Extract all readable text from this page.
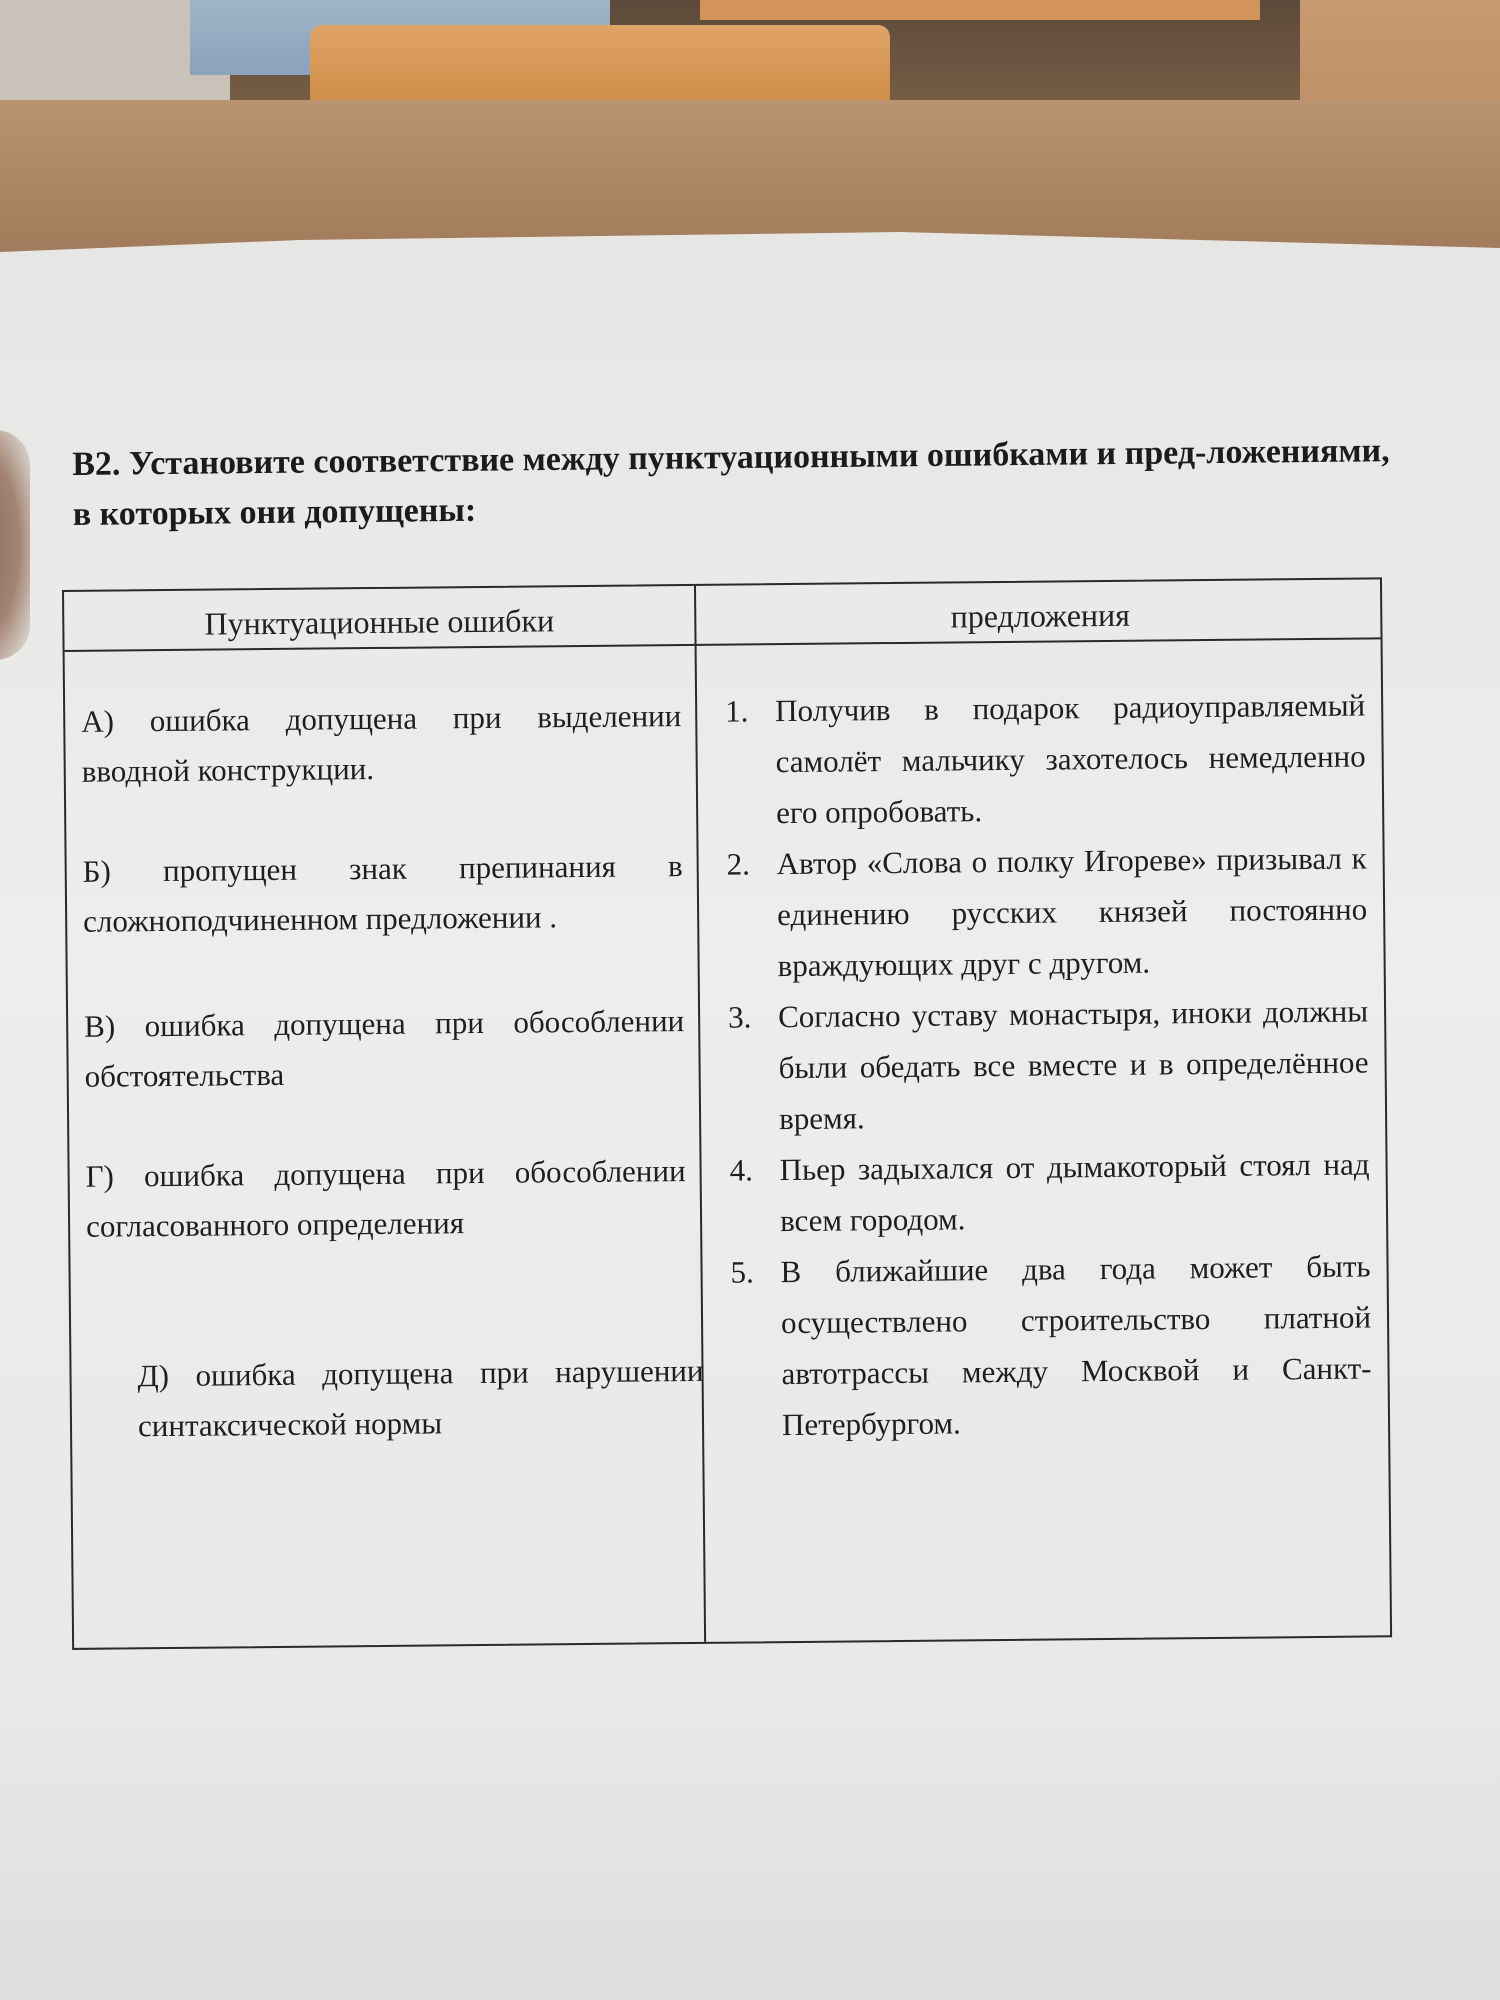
B2. Установите соответствие между пунктуационными ошибками и пред-ложениями, в которых они допущены:
Пунктуационные ошибки	предложения
А) ошибка допущена при выделении вводной конструкции.
Б) пропущен знак препинания в сложноподчиненном предложении .
В) ошибка допущена при обособлении обстоятельства
Г) ошибка допущена при обособлении согласованного определения
Д) ошибка допущена при нарушении синтаксической нормы
1. Получив в подарок радиоуправляемый самолёт мальчику захотелось немедленно его опробовать.
2. Автор «Слова о полку Игореве» призывал к единению русских князей постоянно враждующих друг с другом.
3. Согласно уставу монастыря, иноки должны были обедать все вместе и в определённое время.
4. Пьер задыхался от дымакоторый стоял над всем городом.
5. В ближайшие два года может быть осуществлено строительство платной автотрассы между Москвой и Санкт-Петербургом.
